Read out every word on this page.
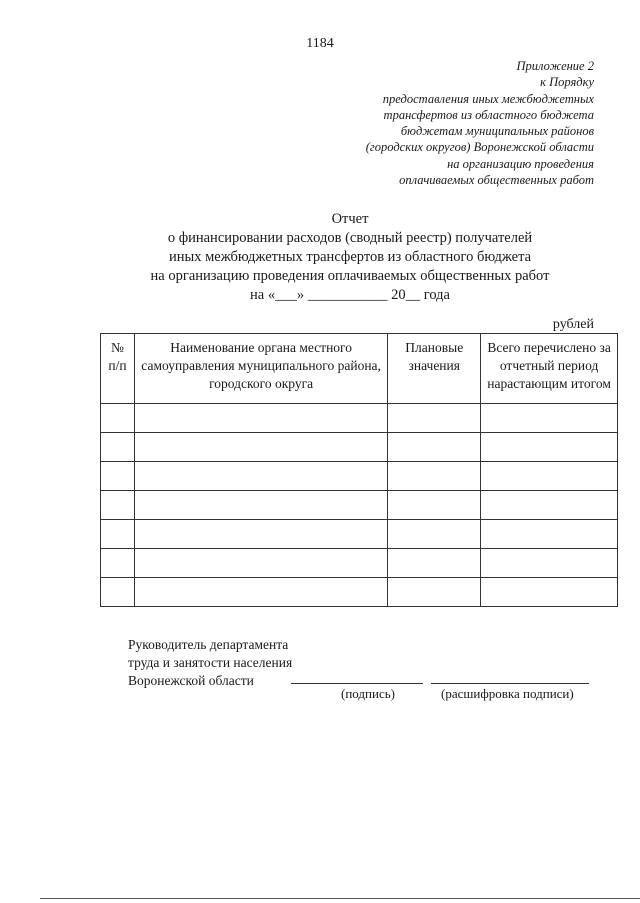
1184
Приложение 2
к Порядку
предоставления иных межбюджетных
трансфертов из областного бюджета
бюджетам муниципальных районов
(городских округов) Воронежской области
на организацию проведения
оплачиваемых общественных работ
Отчет
о финансировании расходов (сводный реестр) получателей
иных межбюджетных трансфертов из областного бюджета
на организацию проведения оплачиваемых общественных работ
на «___» ___________ 20__ года
рублей
№ п/п	Наименование органа местного самоуправления муниципального района, городского округа	Плановые значения	Всего перечислено за отчетный период нарастающим итогом

Руководитель департамента
труда и занятости населения
Воронежской области
(подпись)	(расшифровка подписи)
